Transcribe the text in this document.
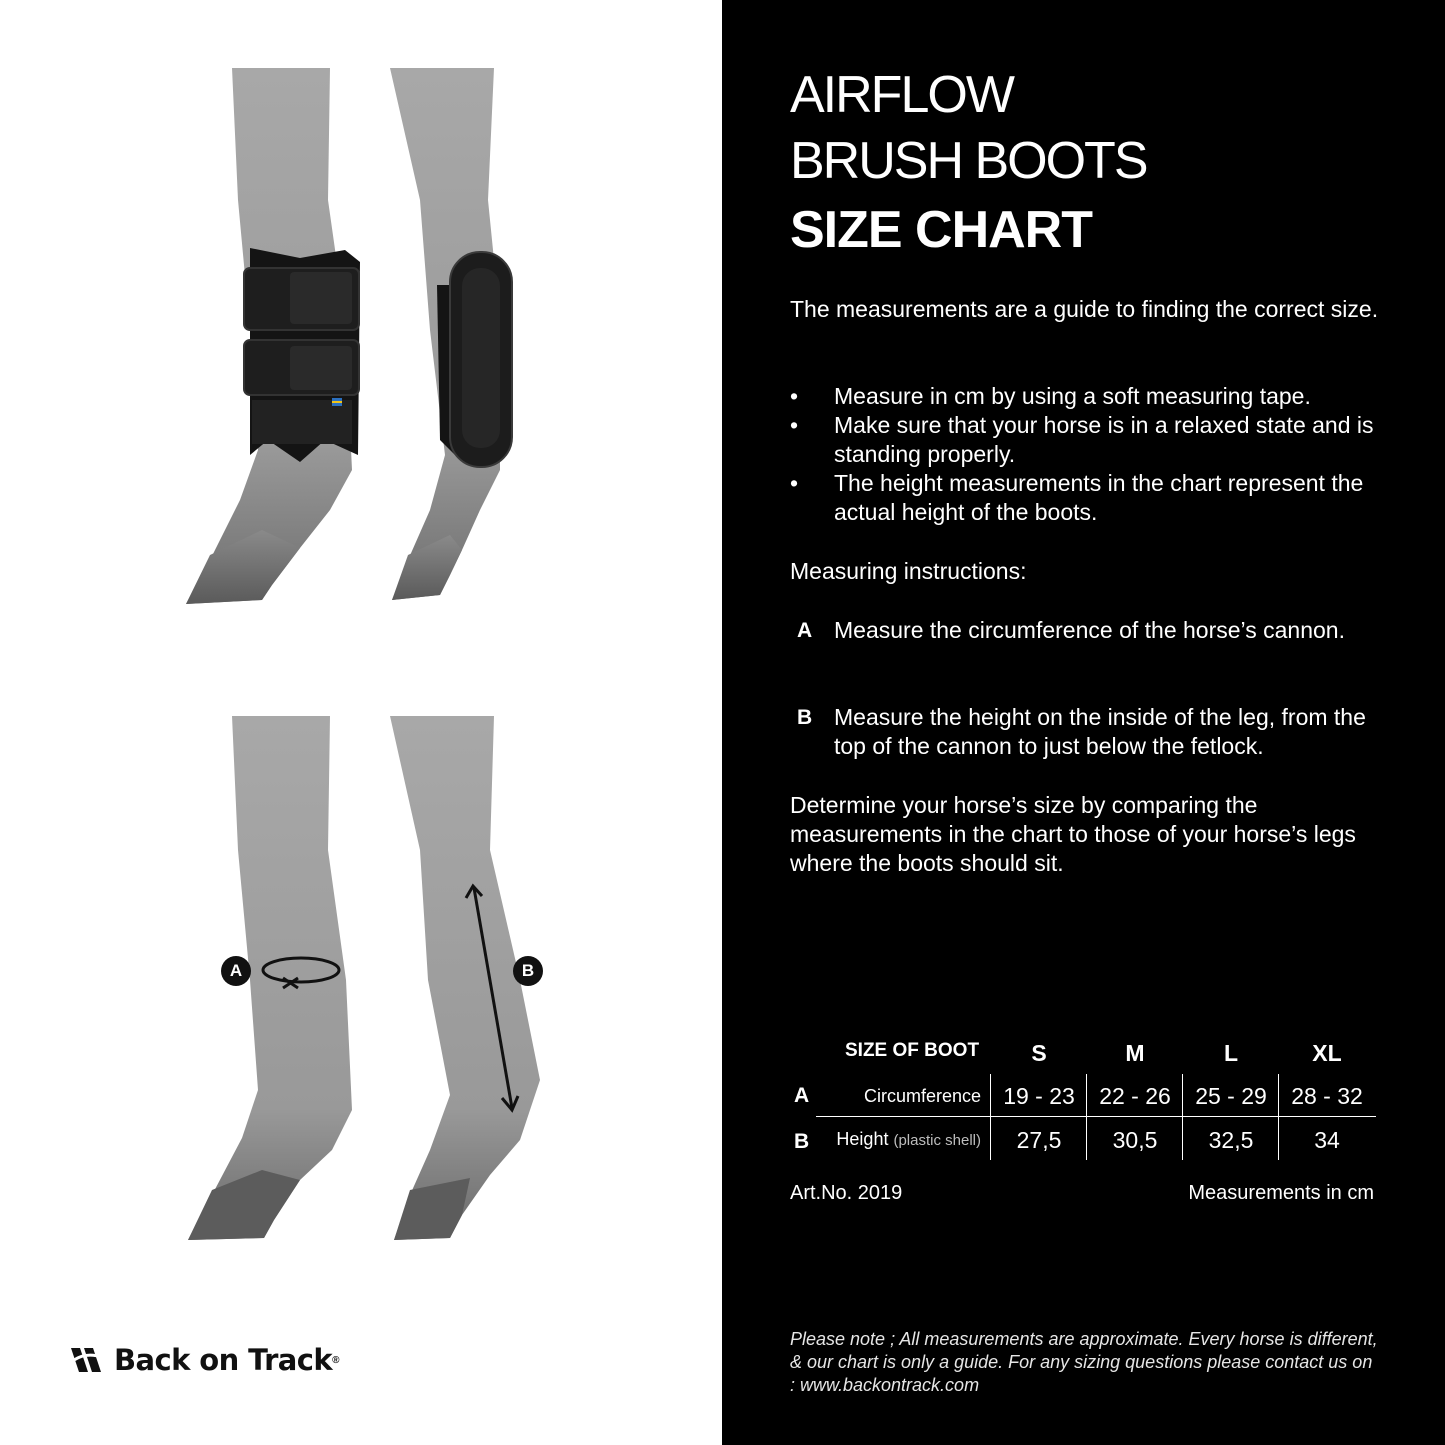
A	B
Back on Track ®
AIRFLOW
BRUSH BOOTS
SIZE CHART

The measurements are a guide to finding the correct size.

•	Measure in cm by using a soft measuring tape.
•	Make sure that your horse is in a relaxed state and is standing properly.
•	The height measurements in the chart represent the actual height of the boots.

Measuring instructions:

A Measure the circumference of the horse’s cannon.
B Measure the height on the inside of the leg, from the top of the cannon to just below the fetlock.

Determine your horse’s size by comparing the measurements in the chart to those of your horse’s legs where the boots should sit.

SIZE OF BOOT	S	M	L	XL
A	Circumference 19 - 23	22 - 26	25 - 29	28 - 32
B	Height (plastic shell)	27,5	30,5	32,5	34
Art.No. 2019	Measurements in cm

Please note ; All measurements are approximate. Every horse is different, & our chart is only a guide. For any sizing questions please contact us on : www.backontrack.com
